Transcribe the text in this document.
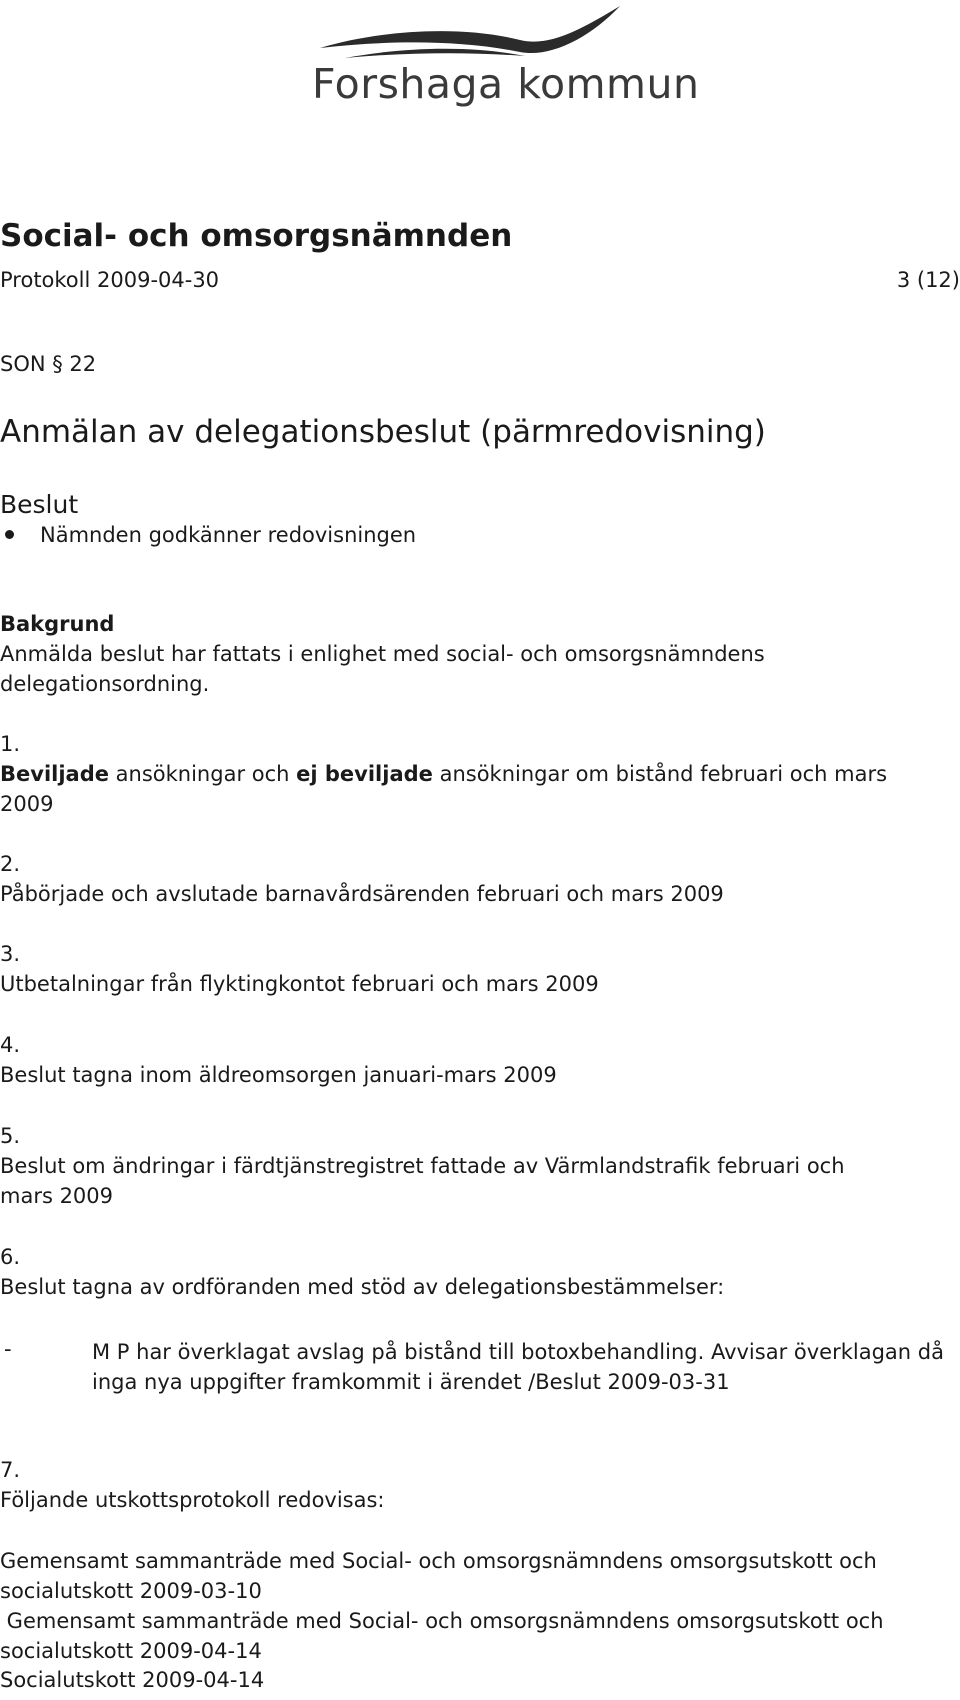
Forshaga kommun
Social- och omsorgsnämnden
Protokoll 2009-04-30	3 (12)
SON § 22
Anmälan av delegationsbeslut (pärmredovisning)
Beslut
Nämnden godkänner redovisningen
Bakgrund
Anmälda beslut har fattats i enlighet med social- och omsorgsnämndens
delegationsordning.
1.
Beviljade ansökningar och ej beviljade ansökningar om bistånd februari och mars
2009
2.
Påbörjade och avslutade barnavårdsärenden februari och mars 2009
3.
Utbetalningar från flyktingkontot februari och mars 2009
4.
Beslut tagna inom äldreomsorgen januari-mars 2009
5.
Beslut om ändringar i färdtjänstregistret fattade av Värmlandstrafik februari och
mars 2009
6.
Beslut tagna av ordföranden med stöd av delegationsbestämmelser:
-	M P har överklagat avslag på bistånd till botoxbehandling. Avvisar överklagan då inga nya uppgifter framkommit i ärendet /Beslut 2009-03-31
7.
Följande utskottsprotokoll redovisas:
Gemensamt sammanträde med Social- och omsorgsnämndens omsorgsutskott och
socialutskott 2009-03-10
Gemensamt sammanträde med Social- och omsorgsnämndens omsorgsutskott och
socialutskott 2009-04-14
Socialutskott 2009-04-14
